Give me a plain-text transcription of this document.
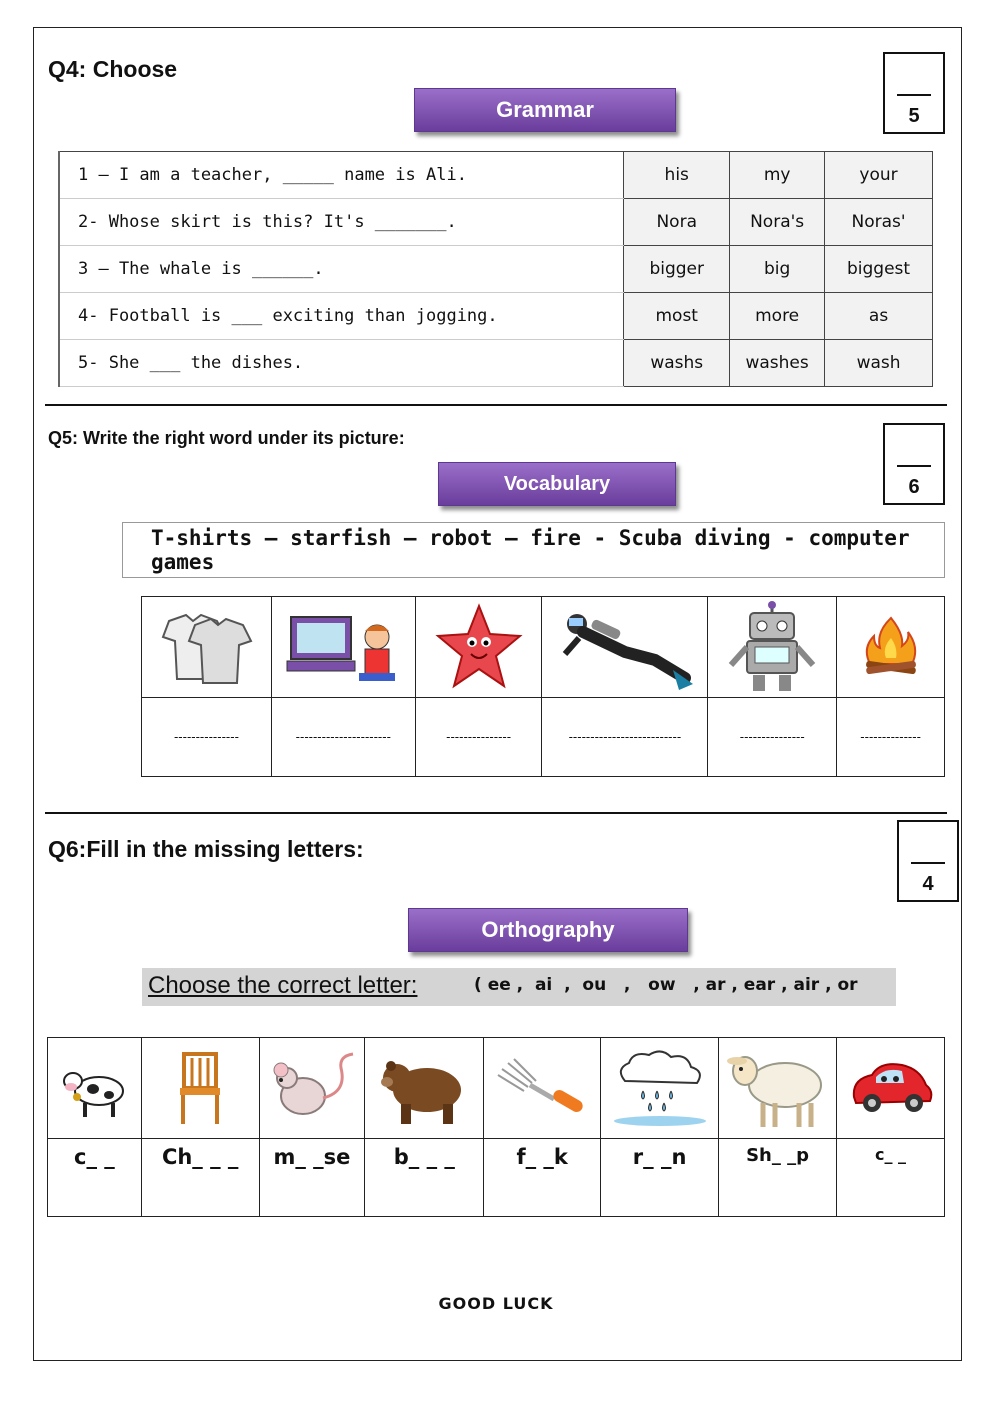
Q4: Choose
Grammar	5
1 – I am a teacher, _____ name is Ali.	his	my	your
2- Whose skirt is this? It's _______.	Nora	Nora's	Noras'
3 – The whale is ______.	bigger	big	biggest
4- Football is ___ exciting than jogging.	most	more	as
5- She ___ the dishes.	washs	washes	wash
Q5: Write the right word under its picture:
Vocabulary	6
T-shirts – starfish – robot – fire - Scuba diving - computer games

---------------	----------------------	---------------	--------------------------	---------------	--------------
Q6:Fill in the missing letters:
4
Orthography
Choose the correct letter:	( ee ,  ai  ,  ou   ,   ow   , ar , ear , air , or

c_ _	Ch_ _ _	m_ _se	b_ _ _	f_ _k	r_ _n	Sh_ _p	c_ _
GOOD LUCK
